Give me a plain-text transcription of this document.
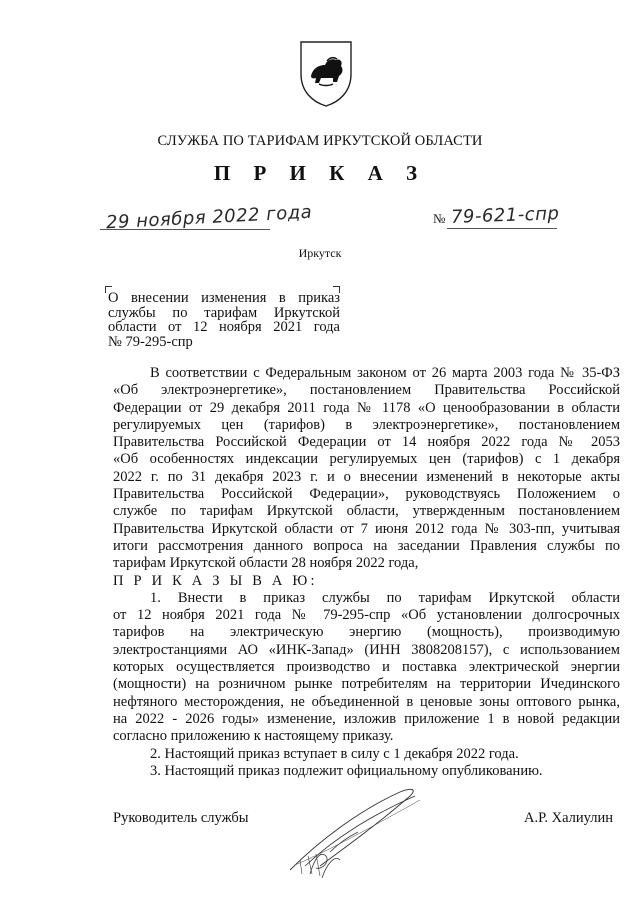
СЛУЖБА ПО ТАРИФАМ ИРКУТСКОЙ ОБЛАСТИ
П Р И К А З
29 ноября 2022 года	№ 79-621-спр
Иркутск
О внесении изменения в приказ
службы по тарифам Иркутской
области от 12 ноября 2021 года
№ 79-295-спр
В соответствии с Федеральным законом от 26 марта 2003 года № 35-ФЗ
«Об электроэнергетике», постановлением Правительства Российской
Федерации от 29 декабря 2011 года № 1178 «О ценообразовании в области
регулируемых цен (тарифов) в электроэнергетике», постановлением
Правительства Российской Федерации от 14 ноября 2022 года № 2053
«Об особенностях индексации регулируемых цен (тарифов) с 1 декабря
2022 г. по 31 декабря 2023 г. и о внесении изменений в некоторые акты
Правительства Российской Федерации», руководствуясь Положением о
службе по тарифам Иркутской области, утвержденным постановлением
Правительства Иркутской области от 7 июня 2012 года № 303-пп, учитывая
итоги рассмотрения данного вопроса на заседании Правления службы по
тарифам Иркутской области 28 ноября 2022 года,
П Р И К А З Ы В А Ю:
1. Внести в приказ службы по тарифам Иркутской области
от 12 ноября 2021 года № 79-295-спр «Об установлении долгосрочных
тарифов на электрическую энергию (мощность), производимую
электростанциями АО «ИНК-Запад» (ИНН 3808208157), с использованием
которых осуществляется производство и поставка электрической энергии
(мощности) на розничном рынке потребителям на территории Ичединского
нефтяного месторождения, не объединенной в ценовые зоны оптового рынка,
на 2022 - 2026 годы» изменение, изложив приложение 1 в новой редакции
согласно приложению к настоящему приказу.
2. Настоящий приказ вступает в силу с 1 декабря 2022 года.
3. Настоящий приказ подлежит официальному опубликованию.
Руководитель службы	А.Р. Халиулин
